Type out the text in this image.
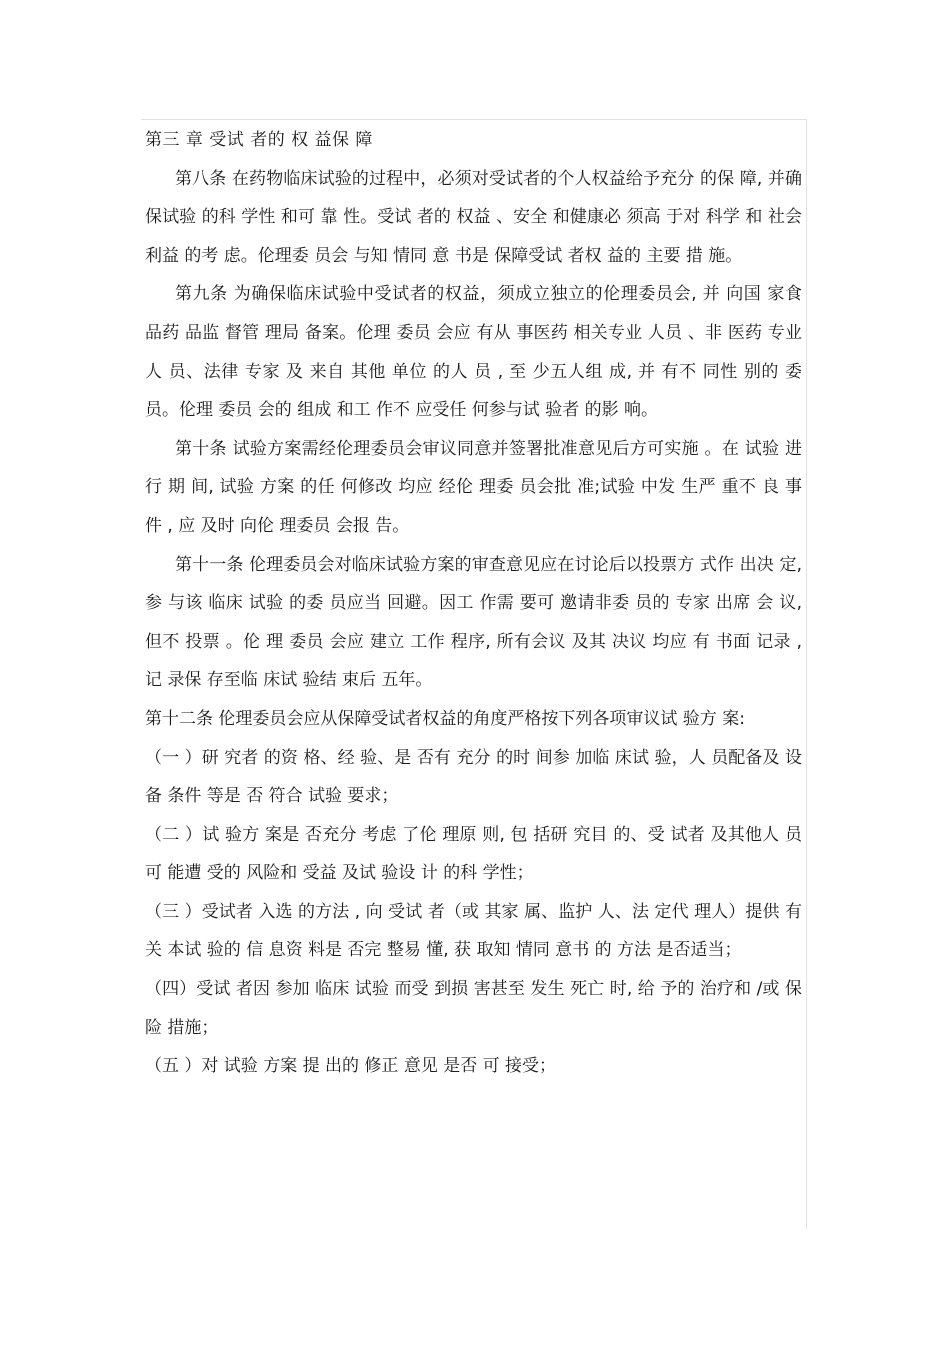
第三 章 受试 者的 权 益保 障

第八条 在药物临床试验的过程中，必须对受试者的个人权益给予充分 的保 障, 并确 保试验 的科 学性 和可 靠 性。受试 者的 权益 、安全 和健康必 须高 于对 科学 和 社会 利益 的考 虑。伦理委 员会 与知 情同 意 书是 保障受试 者权 益的 主要 措 施。

第九条 为确保临床试验中受试者的权益，须成立独立的伦理委员会, 并 向国 家食 品药 品监 督管 理局 备案。伦理 委员 会应 有从 事医药 相关专业 人员 、非 医药 专业人 员、法律 专家 及 来自 其他 单位 的人 员 , 至 少五人组 成, 并 有不 同性 别的 委员。伦理 委员 会的 组成 和工 作不 应受任 何参与试 验者 的影 响。

第十条 试验方案需经伦理委员会审议同意并签署批准意见后方可实施 。在 试验 进行 期 间, 试验 方案 的任 何修改 均应 经伦 理委 员会批 准;试验 中发 生严 重不 良 事件 , 应 及时 向伦 理委员 会报 告。

第十一条 伦理委员会对临床试验方案的审查意见应在讨论后以投票方 式作 出决 定, 参 与该 临床 试验 的委 员应当 回避。因工 作需 要可 邀请非委 员的 专家 出席 会 议, 但不 投票 。伦 理 委员 会应 建立 工作 程序, 所有会议 及其 决议 均应 有 书面 记录 , 记 录保 存至临 床试 验结 束后 五年。

第十二条 伦理委员会应从保障受试者权益的角度严格按下列各项审议试 验方 案:

（一 ）研 究者 的资 格、经 验、是 否有 充分 的时 间参 加临 床试 验，人 员配备及 设备 条件 等是 否 符合 试验 要求；

（二 ）试 验方 案是 否充分 考虑 了伦 理原 则, 包 括研 究目 的、受 试者 及其他人 员可 能遭 受的 风险和 受益 及试 验设 计 的科 学性；

（三 ）受试者 入选 的方法 , 向 受试 者（或 其家 属、监护 人、法 定代 理人）提供 有关 本试 验的 信 息资 料是 否完 整易 懂, 获 取知 情同 意书 的 方法 是否适当；

（四）受试 者因 参加 临床 试验 而受 到损 害甚至 发生 死亡 时, 给 予的 治疗和 /或 保险 措施；

（五 ）对 试验 方案 提 出的 修正 意见 是否 可 接受；
